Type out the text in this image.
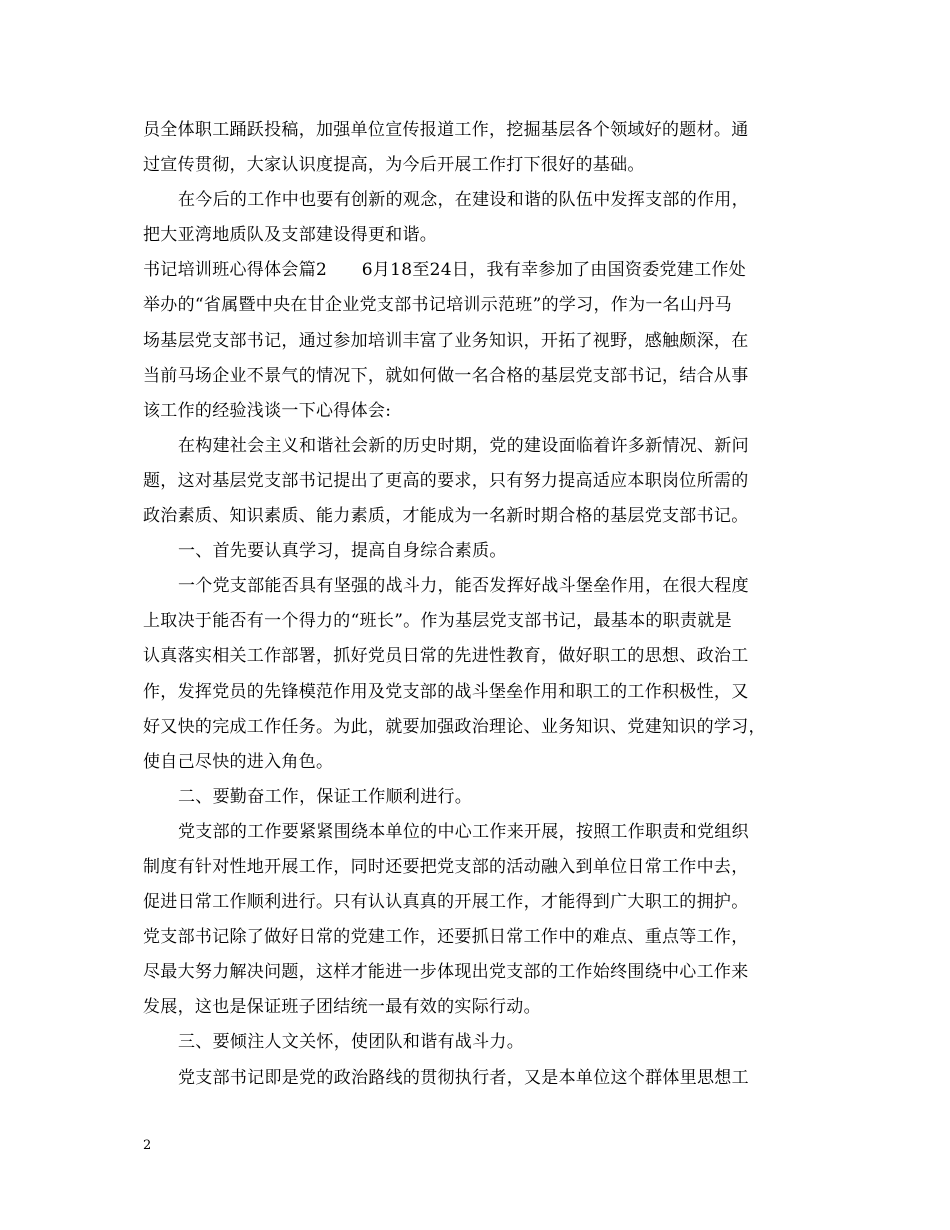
员全体职工踊跃投稿，加强单位宣传报道工作，挖掘基层各个领域好的题材。通
过宣传贯彻，大家认识度提高，为今后开展工作打下很好的基础。
在今后的工作中也要有创新的观念，在建设和谐的队伍中发挥支部的作用，
把大亚湾地质队及支部建设得更和谐。
书记培训班心得体会篇2　　6月18至24日，我有幸参加了由国资委党建工作处
举办的“省属暨中央在甘企业党支部书记培训示范班”的学习，作为一名山丹马
场基层党支部书记，通过参加培训丰富了业务知识，开拓了视野，感触颇深，在
当前马场企业不景气的情况下，就如何做一名合格的基层党支部书记，结合从事
该工作的经验浅谈一下心得体会:
在构建社会主义和谐社会新的历史时期，党的建设面临着许多新情况、新问
题，这对基层党支部书记提出了更高的要求，只有努力提高适应本职岗位所需的
政治素质、知识素质、能力素质，才能成为一名新时期合格的基层党支部书记。
一、首先要认真学习，提高自身综合素质。
一个党支部能否具有坚强的战斗力，能否发挥好战斗堡垒作用，在很大程度
上取决于能否有一个得力的“班长”。作为基层党支部书记，最基本的职责就是
认真落实相关工作部署，抓好党员日常的先进性教育，做好职工的思想、政治工
作，发挥党员的先锋模范作用及党支部的战斗堡垒作用和职工的工作积极性，又
好又快的完成工作任务。为此，就要加强政治理论、业务知识、党建知识的学习，
使自己尽快的进入角色。
二、要勤奋工作，保证工作顺利进行。
党支部的工作要紧紧围绕本单位的中心工作来开展，按照工作职责和党组织
制度有针对性地开展工作，同时还要把党支部的活动融入到单位日常工作中去，
促进日常工作顺利进行。只有认认真真的开展工作，才能得到广大职工的拥护。
党支部书记除了做好日常的党建工作，还要抓日常工作中的难点、重点等工作，
尽最大努力解决问题，这样才能进一步体现出党支部的工作始终围绕中心工作来
发展，这也是保证班子团结统一最有效的实际行动。
三、要倾注人文关怀，使团队和谐有战斗力。
党支部书记即是党的政治路线的贯彻执行者，又是本单位这个群体里思想工
2
